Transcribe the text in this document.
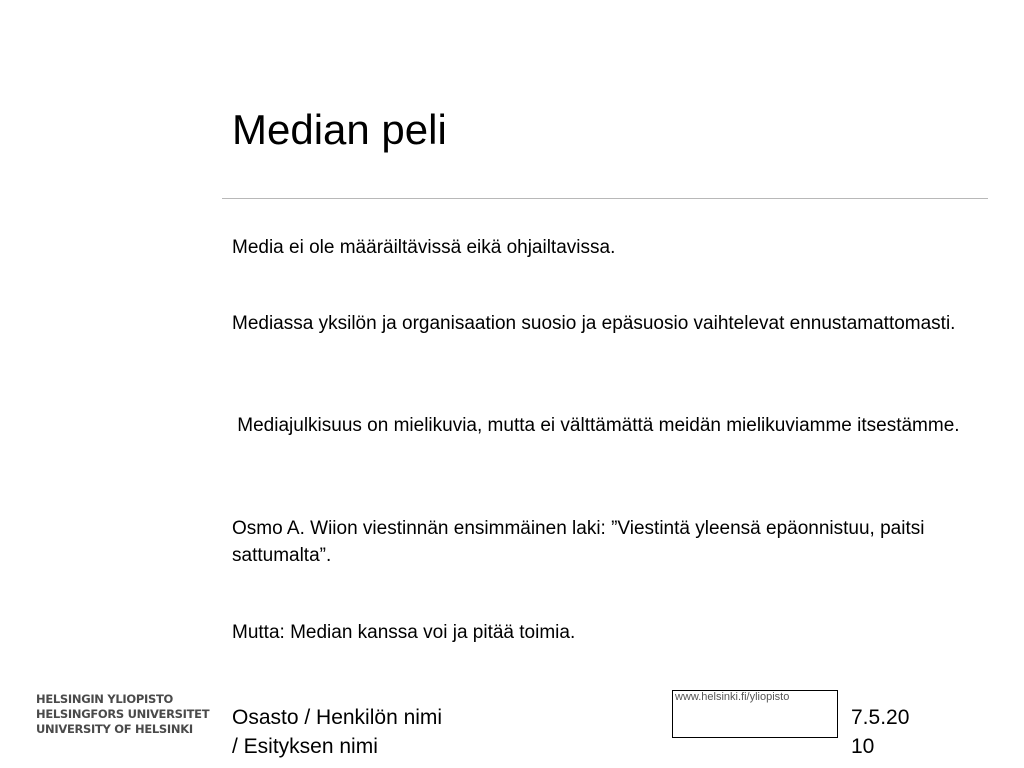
Median peli

Media ei ole määräiltävissä eikä ohjailtavissa.

Mediassa yksilön ja organisaation suosio ja epäsuosio vaihtelevat ennustamattomasti.

Mediajulkisuus on mielikuvia, mutta ei välttämättä meidän mielikuviamme itsestämme.

Osmo A. Wiion viestinnän ensimmäinen laki: ”Viestintä yleensä epäonnistuu, paitsi sattumalta”.

Mutta: Median kanssa voi ja pitää toimia.

HELSINGIN YLIOPISTO
HELSINGFORS UNIVERSITET
UNIVERSITY OF HELSINKI	Osasto / Henkilön nimi
/ Esityksen nimi
www.helsinki.fi/yliopisto
7.5.20
10
